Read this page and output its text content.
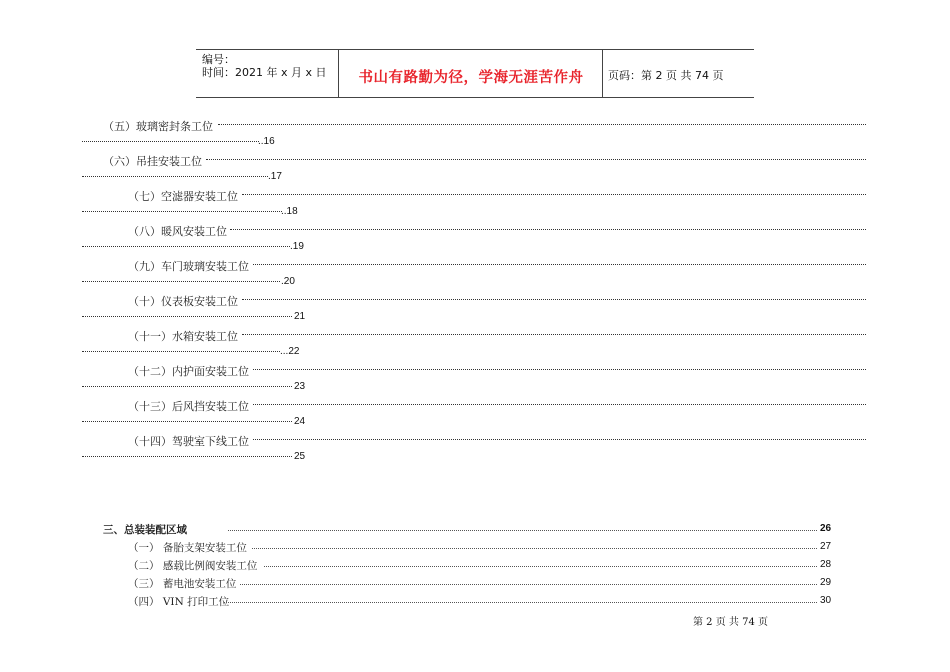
编号：
时间：2021 年 x 月 x 日	书山有路勤为径，学海无涯苦作舟	页码：第 2 页 共 74 页
（五）玻璃密封条工位
..16
（六）吊挂安装工位
.17
（七）空滤器安装工位
..18
（八）暖风安装工位
.19
（九）车门玻璃安装工位
.20
（十）仪表板安装工位
21
（十一）水箱安装工位
...22
（十二）内护面安装工位
23
（十三）后风挡安装工位
24
（十四）驾驶室下线工位
25
三、总装装配区域	26
（一） 备胎支架安装工位	27
（二） 感载比例阀安装工位	28
（三） 蓄电池安装工位	29
（四） VIN 打印工位	30
第 2 页 共 74 页
